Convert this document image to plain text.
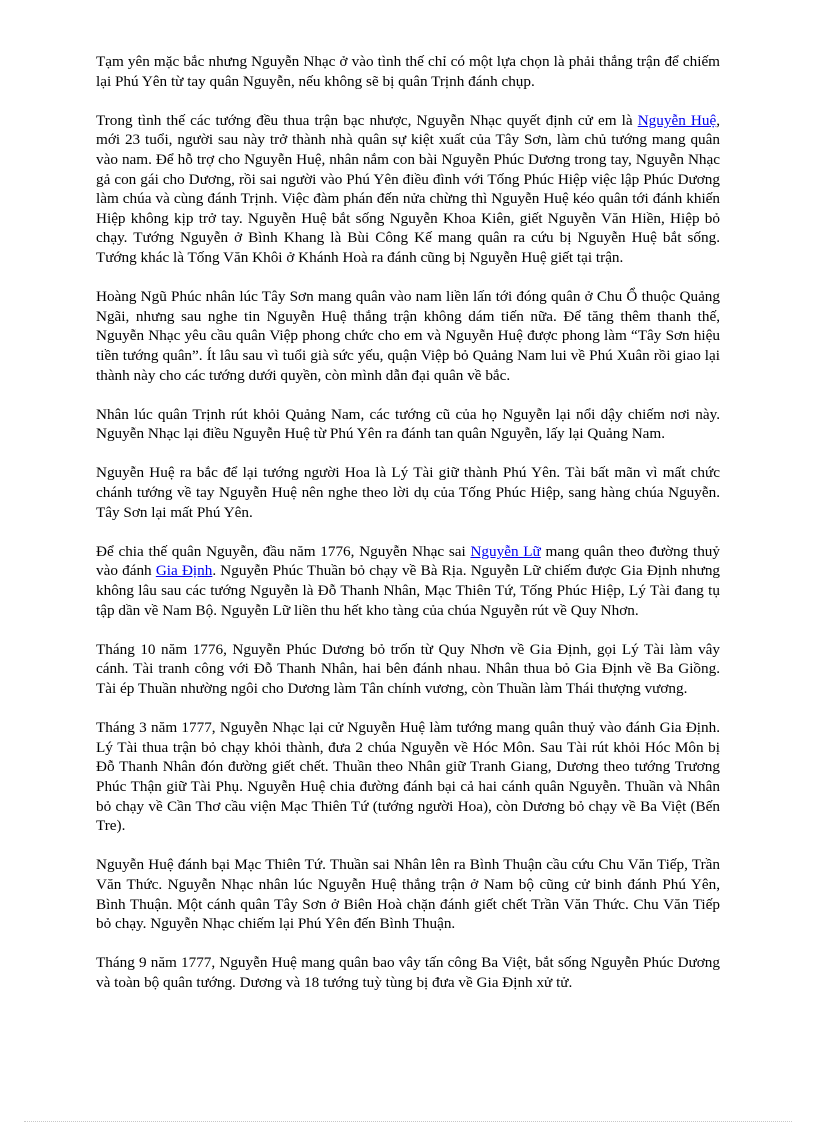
Tạm yên mặc bắc nhưng Nguyễn Nhạc ở vào tình thế chỉ có một lựa chọn là phải thắng trận để chiếm lại Phú Yên từ tay quân Nguyễn, nếu không sẽ bị quân Trịnh đánh chụp.

Trong tình thế các tướng đều thua trận bạc nhược, Nguyễn Nhạc quyết định cử em là Nguyễn Huệ, mới 23 tuổi, người sau này trở thành nhà quân sự kiệt xuất của Tây Sơn, làm chủ tướng mang quân vào nam. Để hỗ trợ cho Nguyễn Huệ, nhân nắm con bài Nguyễn Phúc Dương trong tay, Nguyễn Nhạc gả con gái cho Dương, rồi sai người vào Phú Yên điều đình với Tống Phúc Hiệp việc lập Phúc Dương làm chúa và cùng đánh Trịnh. Việc đàm phán đến nửa chừng thì Nguyễn Huệ kéo quân tới đánh khiến Hiệp không kịp trở tay. Nguyễn Huệ bắt sống Nguyễn Khoa Kiên, giết Nguyễn Văn Hiền, Hiệp bỏ chạy. Tướng Nguyễn ở Bình Khang là Bùi Công Kế mang quân ra cứu bị Nguyễn Huệ bắt sống. Tướng khác là Tống Văn Khôi ở Khánh Hoà ra đánh cũng bị Nguyễn Huệ giết tại trận.

Hoàng Ngũ Phúc nhân lúc Tây Sơn mang quân vào nam liền lấn tới đóng quân ở Chu Ổ thuộc Quảng Ngãi, nhưng sau nghe tin Nguyễn Huệ thắng trận không dám tiến nữa. Để tăng thêm thanh thế, Nguyễn Nhạc yêu cầu quân Việp phong chức cho em và Nguyễn Huệ được phong làm “Tây Sơn hiệu tiền tướng quân”. Ít lâu sau vì tuổi già sức yếu, quận Việp bỏ Quảng Nam lui về Phú Xuân rồi giao lại thành này cho các tướng dưới quyền, còn mình dẫn đại quân về bắc.

Nhân lúc quân Trịnh rút khỏi Quảng Nam, các tướng cũ của họ Nguyễn lại nổi dậy chiếm nơi này. Nguyễn Nhạc lại điều Nguyễn Huệ từ Phú Yên ra đánh tan quân Nguyễn, lấy lại Quảng Nam.

Nguyễn Huệ ra bắc để lại tướng người Hoa là Lý Tài giữ thành Phú Yên. Tài bất mãn vì mất chức chánh tướng về tay Nguyễn Huệ nên nghe theo lời dụ của Tống Phúc Hiệp, sang hàng chúa Nguyễn. Tây Sơn lại mất Phú Yên.

Để chia thế quân Nguyễn, đầu năm 1776, Nguyễn Nhạc sai Nguyễn Lữ mang quân theo đường thuỷ vào đánh Gia Định. Nguyễn Phúc Thuần bỏ chạy về Bà Rịa. Nguyễn Lữ chiếm được Gia Định nhưng không lâu sau các tướng Nguyễn là Đỗ Thanh Nhân, Mạc Thiên Tứ, Tống Phúc Hiệp, Lý Tài đang tụ tập dần về Nam Bộ. Nguyễn Lữ liền thu hết kho tàng của chúa Nguyễn rút về Quy Nhơn.

Tháng 10 năm 1776, Nguyễn Phúc Dương bỏ trốn từ Quy Nhơn về Gia Định, gọi Lý Tài làm vây cánh. Tài tranh công với Đỗ Thanh Nhân, hai bên đánh nhau. Nhân thua bỏ Gia Định về Ba Giồng. Tài ép Thuần nhường ngôi cho Dương làm Tân chính vương, còn Thuần làm Thái thượng vương.

Tháng 3 năm 1777, Nguyễn Nhạc lại cử Nguyễn Huệ làm tướng mang quân thuỷ vào đánh Gia Định. Lý Tài thua trận bỏ chạy khỏi thành, đưa 2 chúa Nguyễn về Hóc Môn. Sau Tài rút khỏi Hóc Môn bị Đỗ Thanh Nhân đón đường giết chết. Thuần theo Nhân giữ Tranh Giang, Dương theo tướng Trương Phúc Thận giữ Tài Phụ. Nguyễn Huệ chia đường đánh bại cả hai cánh quân Nguyễn. Thuần và Nhân bỏ chạy về Cần Thơ cầu viện Mạc Thiên Tứ (tướng người Hoa), còn Dương bỏ chạy về Ba Việt (Bến Tre).

Nguyễn Huệ đánh bại Mạc Thiên Tứ. Thuần sai Nhân lên ra Bình Thuận cầu cứu Chu Văn Tiếp, Trần Văn Thức. Nguyễn Nhạc nhân lúc Nguyễn Huệ thắng trận ở Nam bộ cũng cử binh đánh Phú Yên, Bình Thuận. Một cánh quân Tây Sơn ở Biên Hoà chặn đánh giết chết Trần Văn Thức. Chu Văn Tiếp bỏ chạy. Nguyễn Nhạc chiếm lại Phú Yên đến Bình Thuận.

Tháng 9 năm 1777, Nguyễn Huệ mang quân bao vây tấn công Ba Việt, bắt sống Nguyễn Phúc Dương và toàn bộ quân tướng. Dương và 18 tướng tuỳ tùng bị đưa về Gia Định xử tử.
